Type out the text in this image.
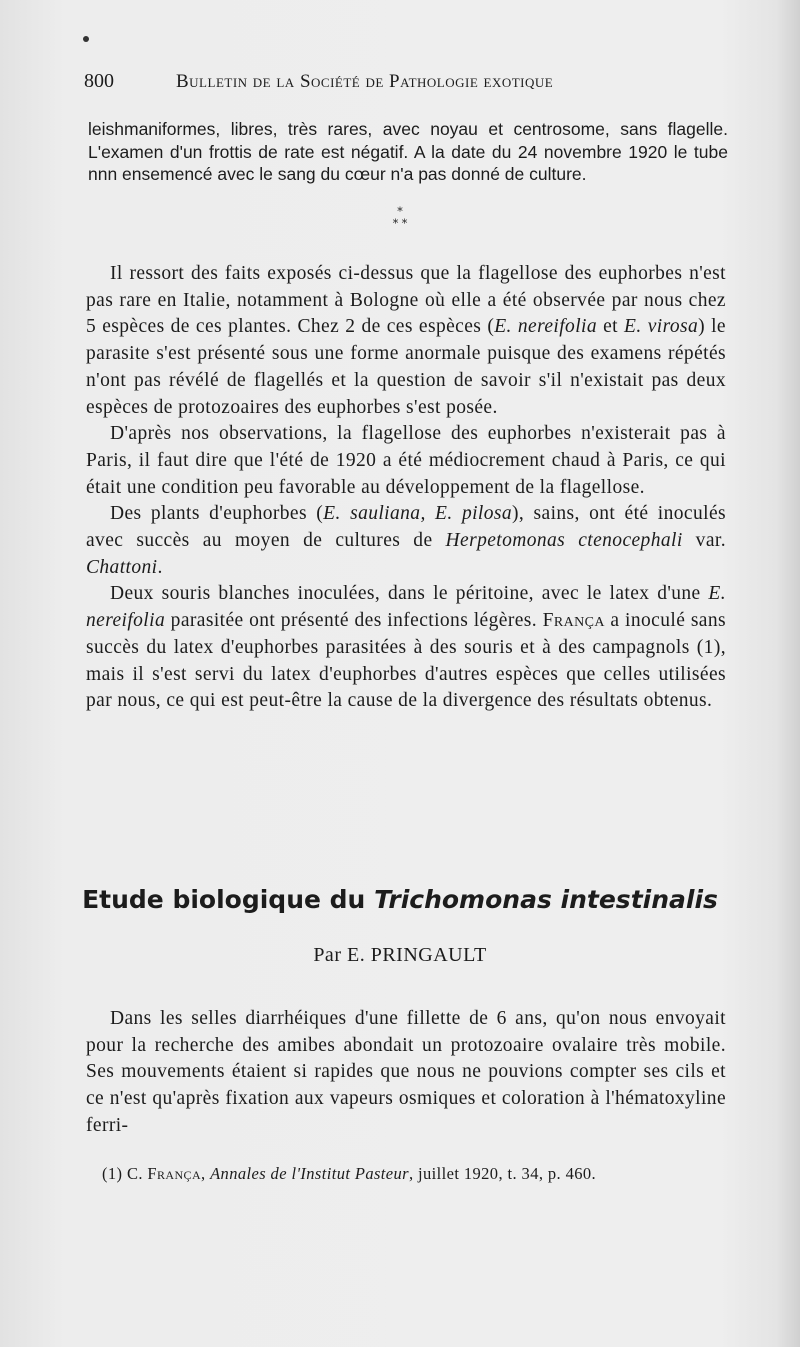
800	Bulletin de la Société de Pathologie exotique
leishmaniformes, libres, très rares, avec noyau et centrosome, sans flagelle. L'examen d'un frottis de rate est négatif. A la date du 24 novembre 1920 le tube nnn ensemencé avec le sang du cœur n'a pas donné de culture.
*
* *

Il ressort des faits exposés ci-dessus que la flagellose des euphorbes n'est pas rare en Italie, notamment à Bologne où elle a été observée par nous chez 5 espèces de ces plantes. Chez 2 de ces espèces (E. nereifolia et E. virosa) le parasite s'est présenté sous une forme anormale puisque des examens répétés n'ont pas révélé de flagellés et la question de savoir s'il n'existait pas deux espèces de protozoaires des euphorbes s'est posée.

D'après nos observations, la flagellose des euphorbes n'existerait pas à Paris, il faut dire que l'été de 1920 a été médiocrement chaud à Paris, ce qui était une condition peu favorable au développement de la flagellose.

Des plants d'euphorbes (E. sauliana, E. pilosa), sains, ont été inoculés avec succès au moyen de cultures de Herpetomonas ctenocephali var. Chattoni.

Deux souris blanches inoculées, dans le péritoine, avec le latex d'une E. nereifolia parasitée ont présenté des infections légères. França a inoculé sans succès du latex d'euphorbes parasitées à des souris et à des campagnols (1), mais il s'est servi du latex d'euphorbes d'autres espèces que celles utilisées par nous, ce qui est peut-être la cause de la divergence des résultats obtenus.

Etude biologique du Trichomonas intestinalis
Par E. PRINGAULT

Dans les selles diarrhéiques d'une fillette de 6 ans, qu'on nous envoyait pour la recherche des amibes abondait un protozoaire ovalaire très mobile. Ses mouvements étaient si rapides que nous ne pouvions compter ses cils et ce n'est qu'après fixation aux vapeurs osmiques et coloration à l'hématoxyline ferri-

(1) C. França, Annales de l'Institut Pasteur, juillet 1920, t. 34, p. 460.
